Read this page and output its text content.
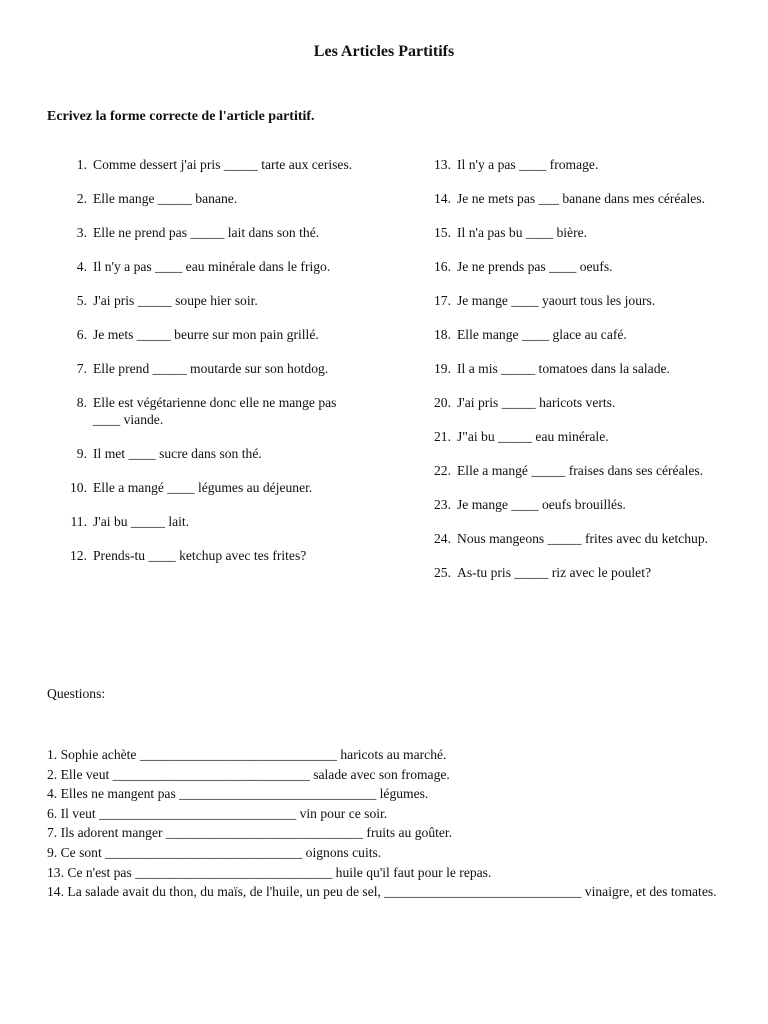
Les Articles Partitifs
Ecrivez la forme correcte de l'article partitif.
1. Comme dessert j'ai pris _____ tarte aux cerises.
2. Elle mange _____ banane.
3. Elle ne prend pas _____ lait dans son thé.
4. Il n'y a pas ____ eau minérale dans le frigo.
5. J'ai pris _____ soupe hier soir.
6. Je mets _____ beurre sur mon pain grillé.
7. Elle prend _____ moutarde sur son hotdog.
8. Elle est végétarienne donc elle ne mange pas ____ viande.
9. Il met ____ sucre dans son thé.
10. Elle a mangé ____ légumes au déjeuner.
11. J'ai bu _____ lait.
12. Prends-tu ____ ketchup avec tes frites?
13. Il n'y a pas ____ fromage.
14. Je ne mets pas ___ banane dans mes céréales.
15. Il n'a pas bu ____ bière.
16. Je ne prends pas ____ oeufs.
17. Je mange ____ yaourt tous les jours.
18. Elle mange ____ glace au café.
19. Il a mis _____ tomatoes dans la salade.
20. J'ai pris _____ haricots verts.
21. J"ai bu _____ eau minérale.
22. Elle a mangé _____ fraises dans ses céréales.
23. Je mange ____ oeufs brouillés.
24. Nous mangeons _____ frites avec du ketchup.
25. As-tu pris _____ riz avec le poulet?
Questions:
1. Sophie achète _____________________________ haricots au marché.
2. Elle veut _____________________________ salade avec son fromage.
4. Elles ne mangent pas _____________________________ légumes.
6. Il veut _____________________________ vin pour ce soir.
7. Ils adorent manger _____________________________ fruits au goûter.
9. Ce sont _____________________________ oignons cuits.
13. Ce n'est pas _____________________________ huile qu'il faut pour le repas.
14. La salade avait du thon, du maïs, de l'huile, un peu de sel, _____________________________ vinaigre, et des tomates.
